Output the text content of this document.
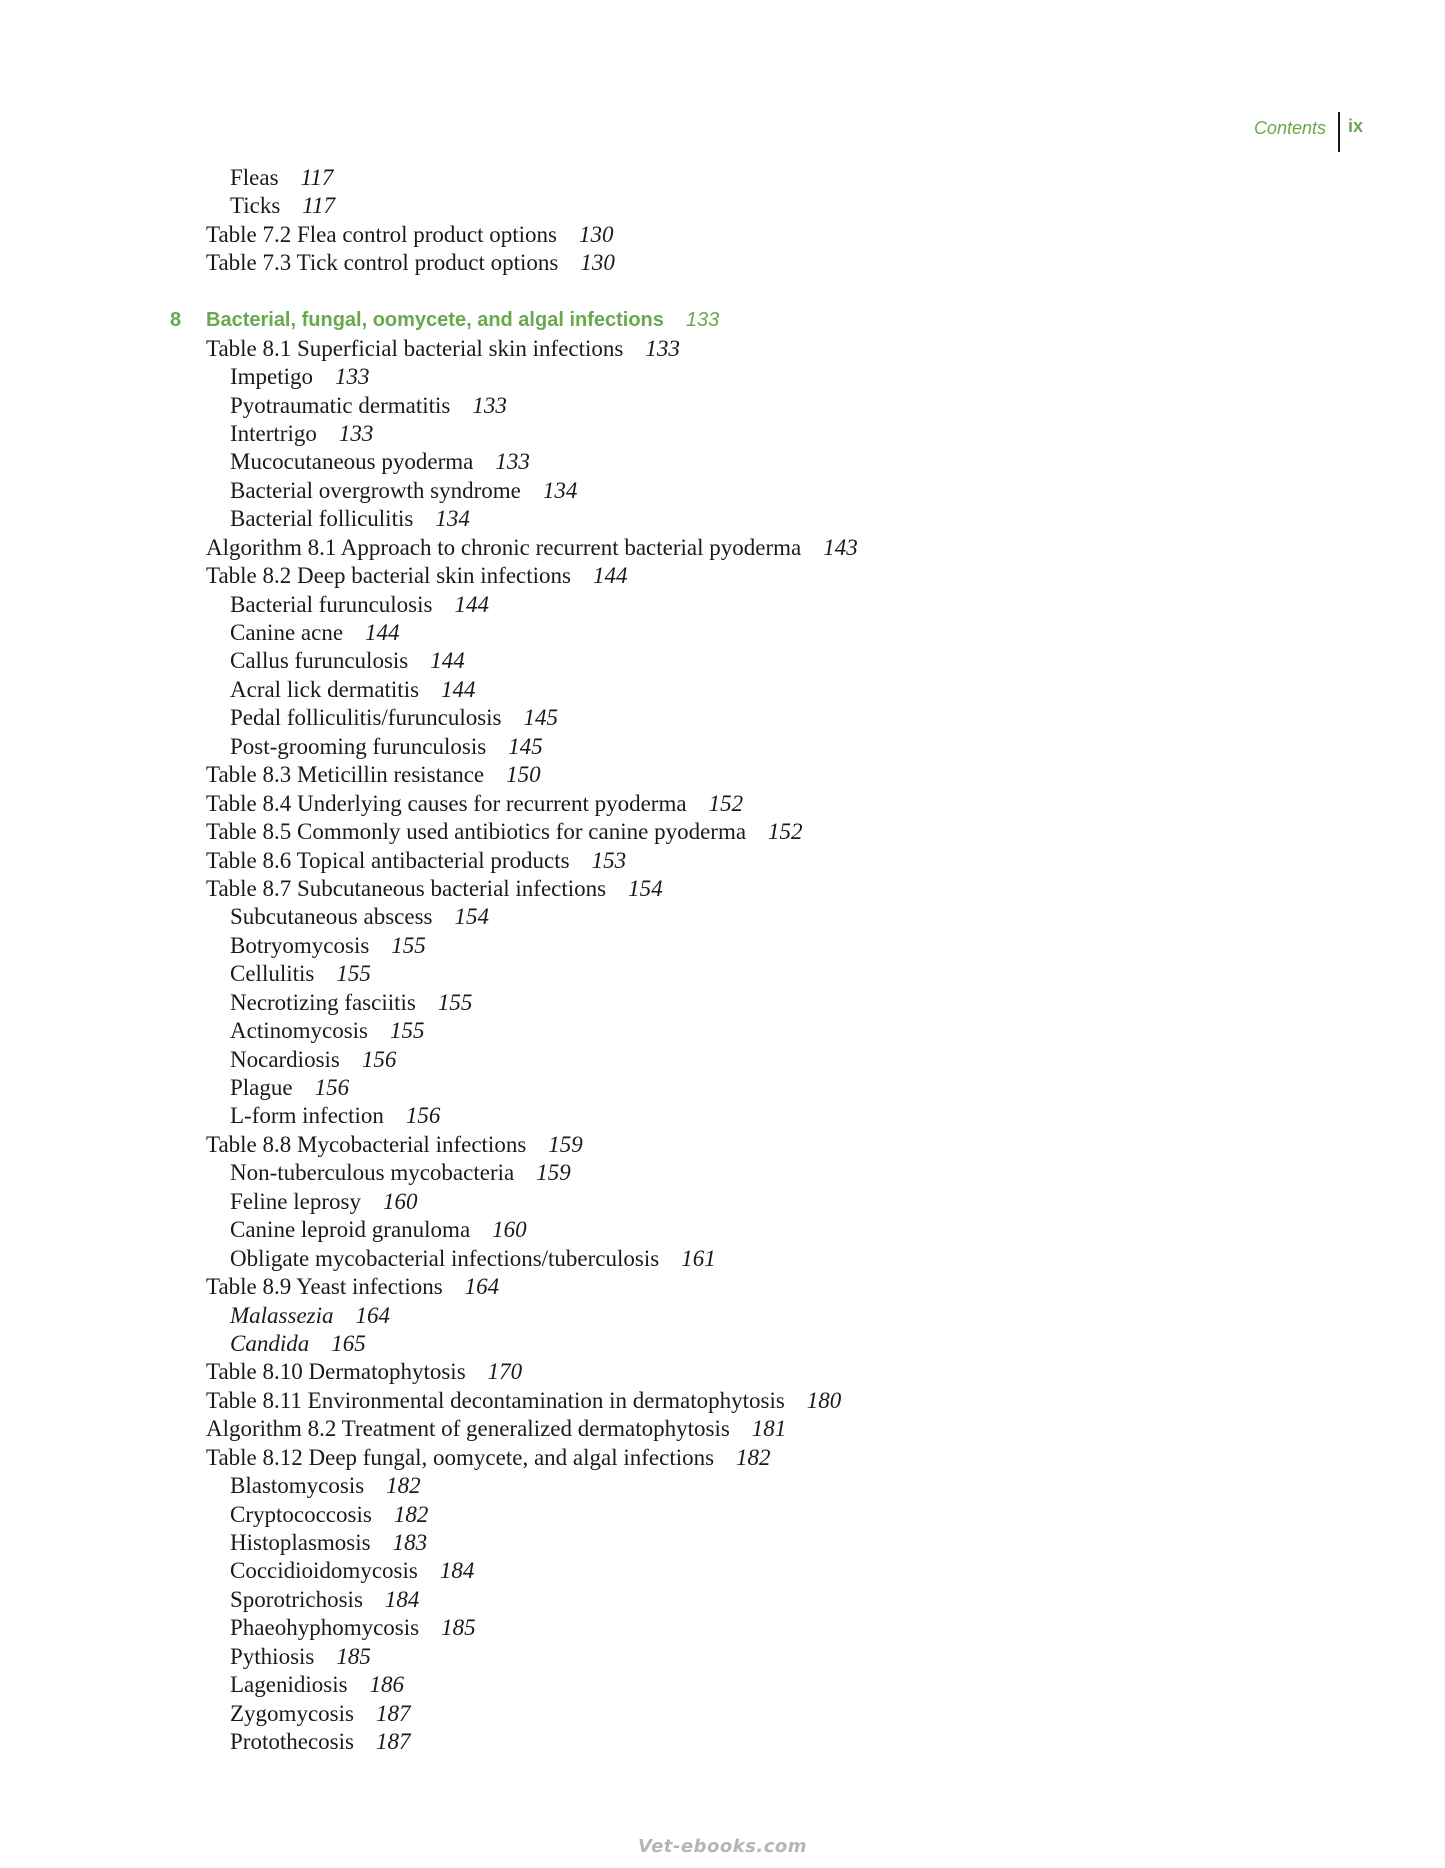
Contents	ix
Fleas 117
Ticks 117
Table 7.2 Flea control product options 130
Table 7.3 Tick control product options 130
8 Bacterial, fungal, oomycete, and algal infections 133
Table 8.1 Superficial bacterial skin infections 133
Impetigo 133
Pyotraumatic dermatitis 133
Intertrigo 133
Mucocutaneous pyoderma 133
Bacterial overgrowth syndrome 134
Bacterial folliculitis 134
Algorithm 8.1 Approach to chronic recurrent bacterial pyoderma 143
Table 8.2 Deep bacterial skin infections 144
Bacterial furunculosis 144
Canine acne 144
Callus furunculosis 144
Acral lick dermatitis 144
Pedal folliculitis/furunculosis 145
Post-grooming furunculosis 145
Table 8.3 Meticillin resistance 150
Table 8.4 Underlying causes for recurrent pyoderma 152
Table 8.5 Commonly used antibiotics for canine pyoderma 152
Table 8.6 Topical antibacterial products 153
Table 8.7 Subcutaneous bacterial infections 154
Subcutaneous abscess 154
Botryomycosis 155
Cellulitis 155
Necrotizing fasciitis 155
Actinomycosis 155
Nocardiosis 156
Plague 156
L-form infection 156
Table 8.8 Mycobacterial infections 159
Non-tuberculous mycobacteria 159
Feline leprosy 160
Canine leproid granuloma 160
Obligate mycobacterial infections/tuberculosis 161
Table 8.9 Yeast infections 164
Malassezia 164
Candida 165
Table 8.10 Dermatophytosis 170
Table 8.11 Environmental decontamination in dermatophytosis 180
Algorithm 8.2 Treatment of generalized dermatophytosis 181
Table 8.12 Deep fungal, oomycete, and algal infections 182
Blastomycosis 182
Cryptococcosis 182
Histoplasmosis 183
Coccidioidomycosis 184
Sporotrichosis 184
Phaeohyphomycosis 185
Pythiosis 185
Lagenidiosis 186
Zygomycosis 187
Protothecosis 187
Vet-ebooks.com
